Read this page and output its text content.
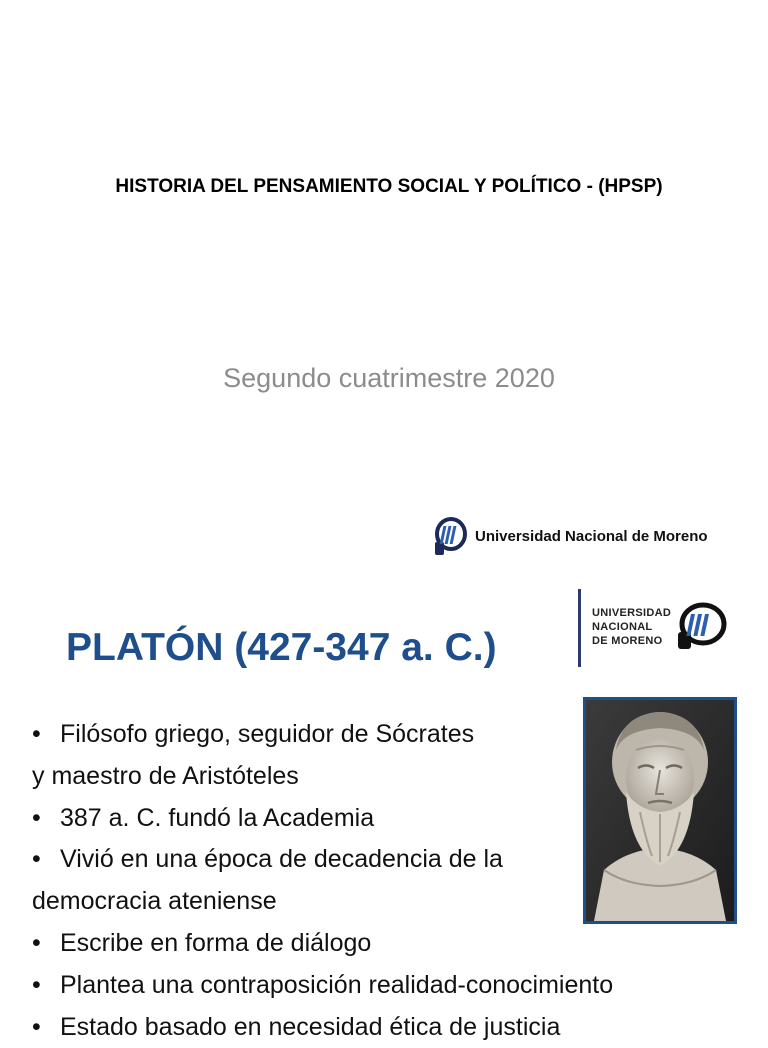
HISTORIA DEL PENSAMIENTO SOCIAL Y POLÍTICO - (HPSP)
Segundo cuatrimestre 2020
Universidad Nacional de Moreno
PLATÓN (427-347 a. C.)
UNIVERSIDAD
NACIONAL
DE MORENO
• Filósofo griego, seguidor de Sócrates
y maestro de Aristóteles
• 387 a. C. fundó la Academia
• Vivió en una época de decadencia de la
democracia ateniense
• Escribe en forma de diálogo
• Plantea una contraposición realidad-conocimiento
• Estado basado en necesidad ética de justicia
